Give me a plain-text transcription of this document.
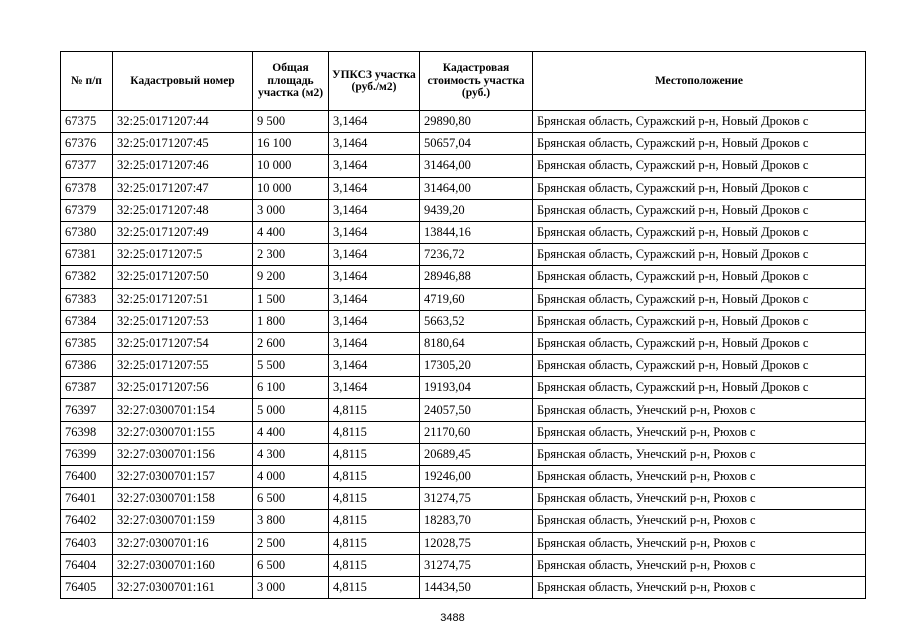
№ п/п	Кадастровый номер	Общая площадь участка (м2)	УПКСЗ участка (руб./м2)	Кадастровая стоимость участка (руб.)	Местоположение
67375	32:25:0171207:44	9 500	3,1464	29890,80	Брянская область, Суражский р-н, Новый Дроков с
67376	32:25:0171207:45	16 100	3,1464	50657,04	Брянская область, Суражский р-н, Новый Дроков с
67377	32:25:0171207:46	10 000	3,1464	31464,00	Брянская область, Суражский р-н, Новый Дроков с
67378	32:25:0171207:47	10 000	3,1464	31464,00	Брянская область, Суражский р-н, Новый Дроков с
67379	32:25:0171207:48	3 000	3,1464	9439,20	Брянская область, Суражский р-н, Новый Дроков с
67380	32:25:0171207:49	4 400	3,1464	13844,16	Брянская область, Суражский р-н, Новый Дроков с
67381	32:25:0171207:5	2 300	3,1464	7236,72	Брянская область, Суражский р-н, Новый Дроков с
67382	32:25:0171207:50	9 200	3,1464	28946,88	Брянская область, Суражский р-н, Новый Дроков с
67383	32:25:0171207:51	1 500	3,1464	4719,60	Брянская область, Суражский р-н, Новый Дроков с
67384	32:25:0171207:53	1 800	3,1464	5663,52	Брянская область, Суражский р-н, Новый Дроков с
67385	32:25:0171207:54	2 600	3,1464	8180,64	Брянская область, Суражский р-н, Новый Дроков с
67386	32:25:0171207:55	5 500	3,1464	17305,20	Брянская область, Суражский р-н, Новый Дроков с
67387	32:25:0171207:56	6 100	3,1464	19193,04	Брянская область, Суражский р-н, Новый Дроков с
76397	32:27:0300701:154	5 000	4,8115	24057,50	Брянская область, Унечский р-н, Рюхов с
76398	32:27:0300701:155	4 400	4,8115	21170,60	Брянская область, Унечский р-н, Рюхов с
76399	32:27:0300701:156	4 300	4,8115	20689,45	Брянская область, Унечский р-н, Рюхов с
76400	32:27:0300701:157	4 000	4,8115	19246,00	Брянская область, Унечский р-н, Рюхов с
76401	32:27:0300701:158	6 500	4,8115	31274,75	Брянская область, Унечский р-н, Рюхов с
76402	32:27:0300701:159	3 800	4,8115	18283,70	Брянская область, Унечский р-н, Рюхов с
76403	32:27:0300701:16	2 500	4,8115	12028,75	Брянская область, Унечский р-н, Рюхов с
76404	32:27:0300701:160	6 500	4,8115	31274,75	Брянская область, Унечский р-н, Рюхов с
76405	32:27:0300701:161	3 000	4,8115	14434,50	Брянская область, Унечский р-н, Рюхов с
3488
